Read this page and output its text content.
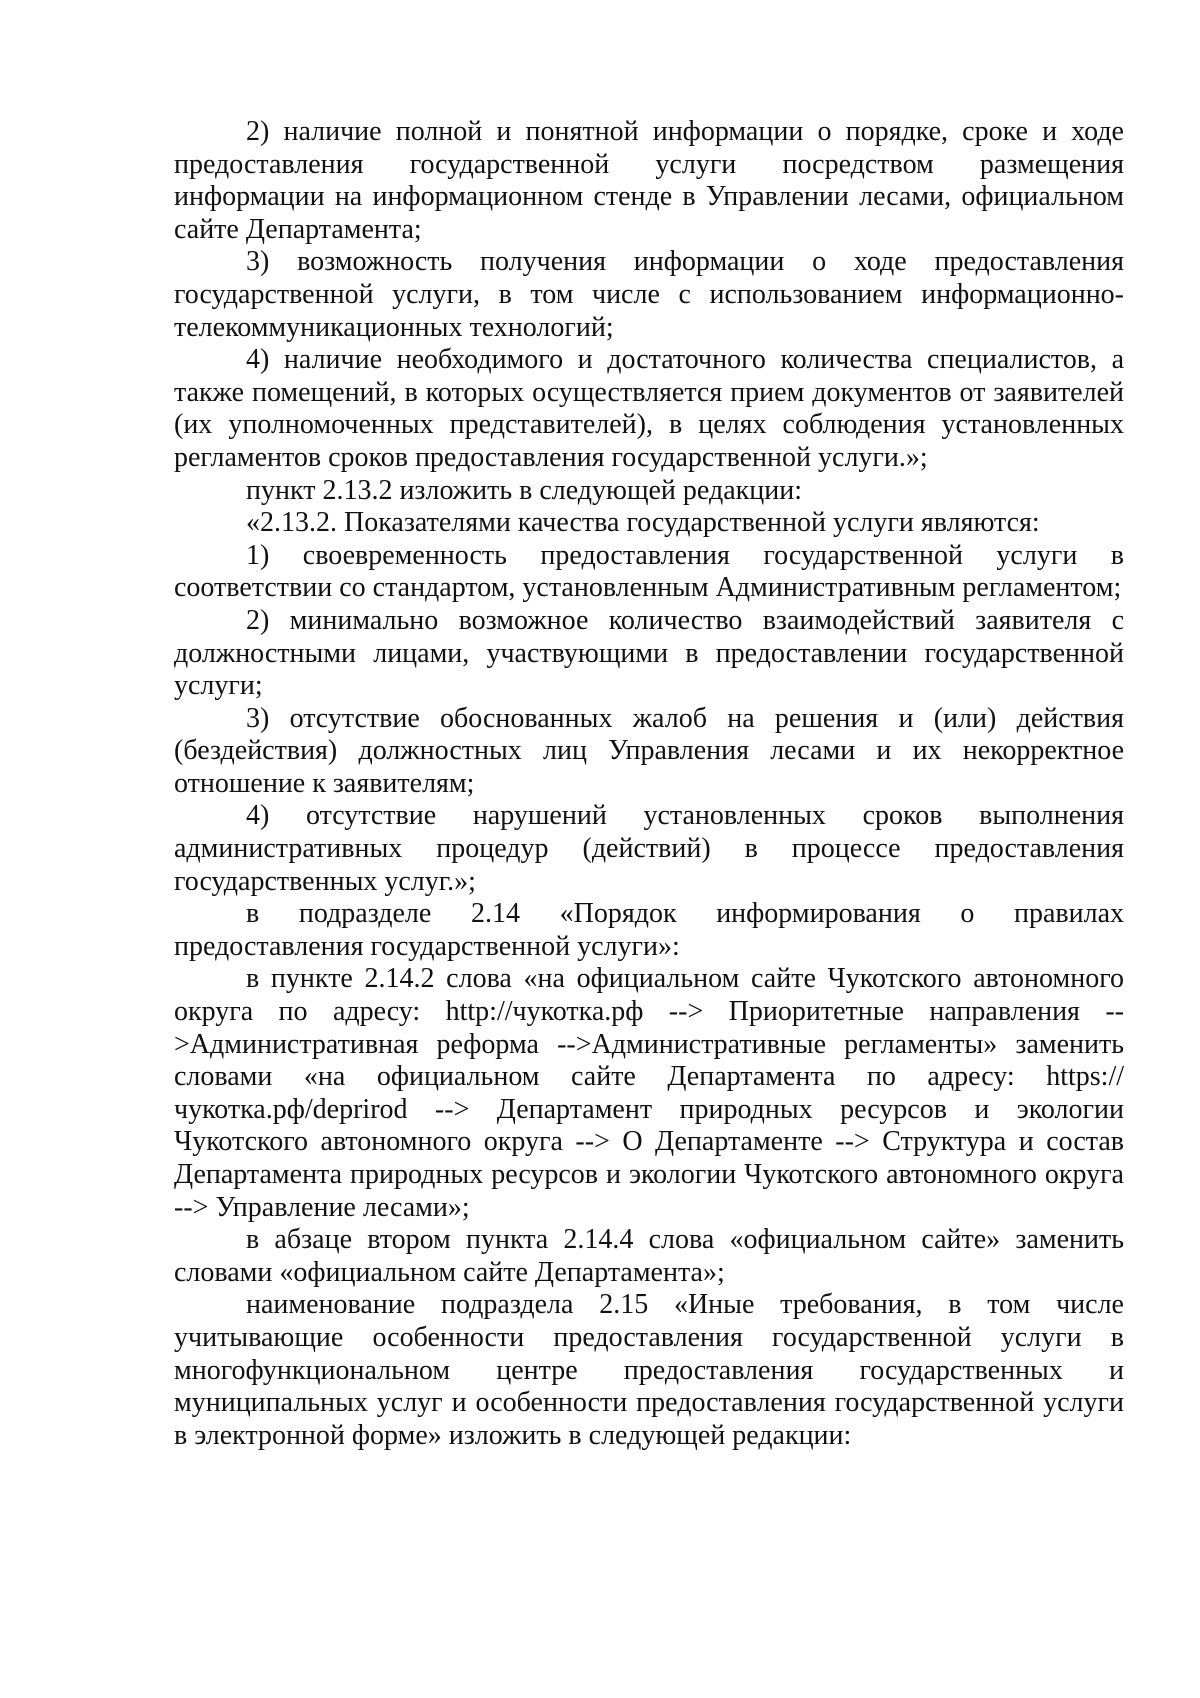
2) наличие полной и понятной информации о порядке, сроке и ходе предоставления государственной услуги посредством размещения информации на информационном стенде в Управлении лесами, официальном сайте Департамента;

3) возможность получения информации о ходе предоставления государственной услуги, в том числе с использованием информационно-телекоммуникационных технологий;

4) наличие необходимого и достаточного количества специалистов, а также помещений, в которых осуществляется прием документов от заявителей (их уполномоченных представителей), в целях соблюдения установленных регламентов сроков предоставления государственной услуги.»;

пункт 2.13.2 изложить в следующей редакции:

«2.13.2. Показателями качества государственной услуги являются:

1) своевременность предоставления государственной услуги в соответствии со стандартом, установленным Административным регламентом;

2) минимально возможное количество взаимодействий заявителя с должностными лицами, участвующими в предоставлении государственной услуги;

3) отсутствие обоснованных жалоб на решения и (или) действия (бездействия) должностных лиц Управления лесами и их некорректное отношение к заявителям;

4) отсутствие нарушений установленных сроков выполнения административных процедур (действий) в процессе предоставления государственных услуг.»;

в подразделе 2.14 «Порядок информирования о правилах предоставления государственной услуги»:

в пункте 2.14.2 слова «на официальном сайте Чукотского автономного округа по адресу: http://чукотка.рф --> Приоритетные направления -- >Административная реформа -->Административные регламенты» заменить словами «на официальном сайте Департамента по адресу: https://чукотка.рф/deprirod --> Департамент природных ресурсов и экологии Чукотского автономного округа --> О Департаменте --> Структура и состав Департамента природных ресурсов и экологии Чукотского автономного округа --> Управление лесами»;

в абзаце втором пункта 2.14.4 слова «официальном сайте» заменить словами «официальном сайте Департамента»;

наименование подраздела 2.15 «Иные требования, в том числе учитывающие особенности предоставления государственной услуги в многофункциональном центре предоставления государственных и муниципальных услуг и особенности предоставления государственной услуги в электронной форме» изложить в следующей редакции:
